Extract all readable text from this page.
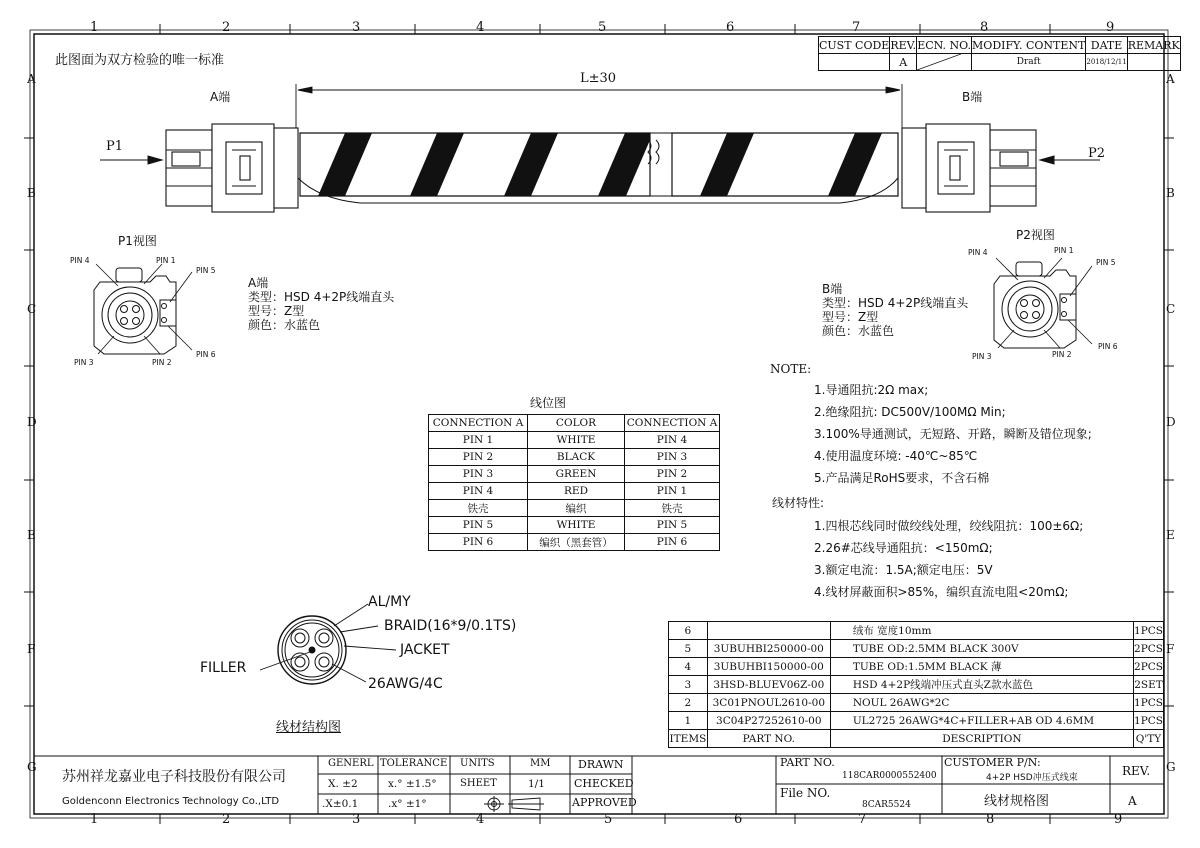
1	2	3	4	5	6	7	8	9
1	2	3	4	5	6	7	8	9
A
B
C
D
E
F
G
A
B
C
D
E
F
G
此图面为双方检验的唯一标准
CUST CODE	REV.	ECN. NO.	MODIFY. CONTENT	DATE	REMARK
	A		Draft	2018/12/11	
L±30
A端	B端
P1	P2
P1视图
PIN 4	PIN 1
PIN 5
PIN 3	PIN 2
PIN 6
P2视图
PIN 4	PIN 1
PIN 5
PIN 3	PIN 2
PIN 6
A端
类型：HSD 4+2P线端直头
型号：Z型
颜色：水蓝色
B端
类型：HSD 4+2P线端直头
型号：Z型
颜色：水蓝色
NOTE:
1.导通阻抗:2Ω max;
2.绝缘阻抗: DC500V/100MΩ Min;
3.100%导通测试，无短路、开路，瞬断及错位现象;
4.使用温度环境: -40℃~85℃
5.产品满足RoHS要求，不含石棉
线材特性:
1.四根芯线同时做绞线处理，绞线阻抗：100±6Ω;
2.26#芯线导通阻抗：<150mΩ;
3.额定电流：1.5A;额定电压：5V
4.线材屏蔽面积>85%，编织直流电阻<20mΩ;
线位图
CONNECTION A	COLOR	CONNECTION A
PIN 1	WHITE	PIN 4
PIN 2	BLACK	PIN 3
PIN 3	GREEN	PIN 2
PIN 4	RED	PIN 1
铁壳	编织	铁壳
PIN 5	WHITE	PIN 5
PIN 6	编织（黑套管）	PIN 6
AL/MY
BRAID(16*9/0.1TS)
JACKET
26AWG/4C
FILLER
线材结构图
6		绒布 宽度10mm	1PCS
5	3UBUHBI250000-00	TUBE OD:2.5MM BLACK 300V	2PCS
4	3UBUHBI150000-00	TUBE OD:1.5MM BLACK 薄	2PCS
3	3HSD-BLUEV06Z-00	HSD 4+2P线端冲压式直头Z款水蓝色	2SET
2	3C01PNOUL2610-00	NOUL 26AWG*2C	1PCS
1	3C04P27252610-00	UL2725 26AWG*4C+FILLER+AB OD 4.6MM	1PCS
ITEMS	PART NO.	DESCRIPTION	Q'TY
苏州祥龙嘉业电子科技股份有限公司
Goldenconn Electronics Technology Co.,LTD
GENERL TOLERANCE
X. ±2	x.° ±1.5°
.X±0.1	.x° ±1°
UNITS	MM
SHEET	1/1
DRAWN
CHECKED
APPROVED
PART NO.
118CAR0000552400
File NO.
8CAR5524
CUSTOMER P/N:
4+2P HSD冲压式线束
线材规格图
REV.
A
